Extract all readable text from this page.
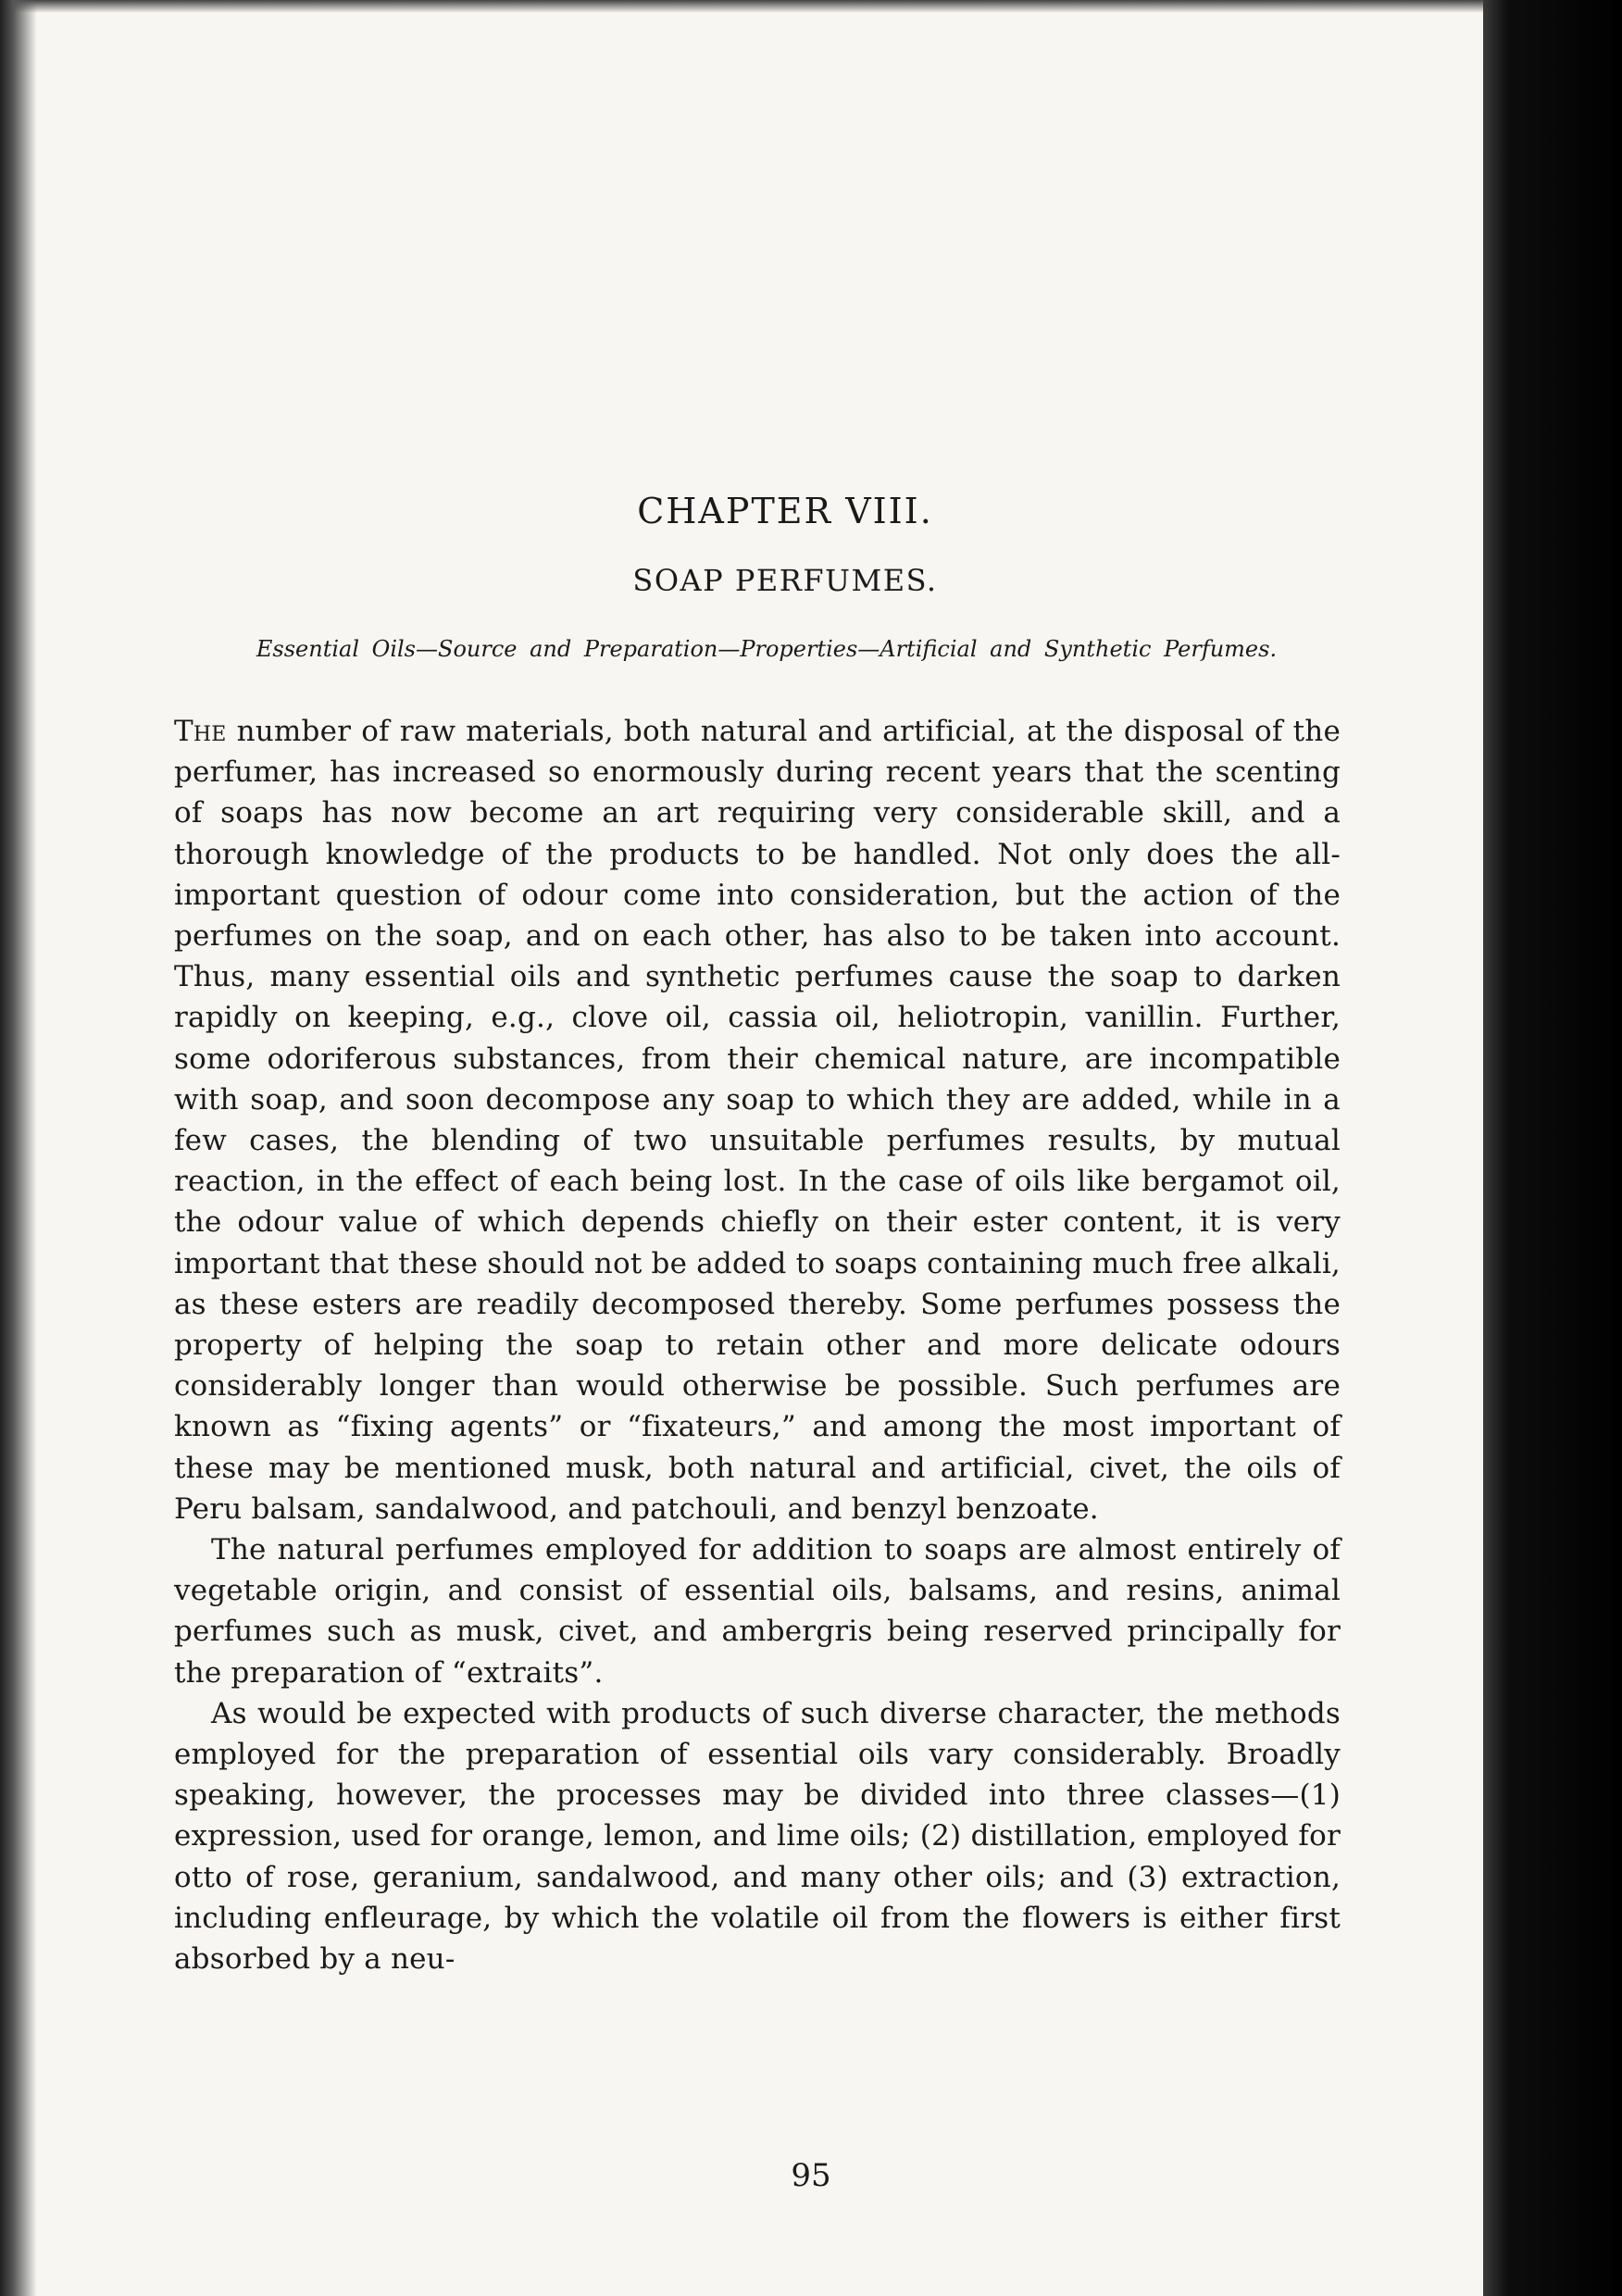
CHAPTER VIII.
SOAP PERFUMES.
Essential Oils—Source and Preparation—Properties—Artificial and Synthetic Perfumes.

The number of raw materials, both natural and artificial, at the disposal of the perfumer, has increased so enormously during recent years that the scenting of soaps has now become an art requiring very considerable skill, and a thorough knowledge of the products to be handled. Not only does the all-important question of odour come into consideration, but the action of the perfumes on the soap, and on each other, has also to be taken into account. Thus, many essential oils and synthetic perfumes cause the soap to darken rapidly on keeping, e.g., clove oil, cassia oil, heliotropin, vanillin. Further, some odoriferous substances, from their chemical nature, are incompatible with soap, and soon decompose any soap to which they are added, while in a few cases, the blending of two unsuitable perfumes results, by mutual reaction, in the effect of each being lost. In the case of oils like bergamot oil, the odour value of which depends chiefly on their ester content, it is very important that these should not be added to soaps containing much free alkali, as these esters are readily decomposed thereby. Some perfumes possess the property of helping the soap to retain other and more delicate odours considerably longer than would otherwise be possible. Such perfumes are known as “fixing agents” or “fixateurs,” and among the most important of these may be mentioned musk, both natural and artificial, civet, the oils of Peru balsam, sandalwood, and patchouli, and benzyl benzoate.

The natural perfumes employed for addition to soaps are almost entirely of vegetable origin, and consist of essential oils, balsams, and resins, animal perfumes such as musk, civet, and ambergris being reserved principally for the preparation of “extraits”.

As would be expected with products of such diverse character, the methods employed for the preparation of essential oils vary considerably. Broadly speaking, however, the processes may be divided into three classes—(1) expression, used for orange, lemon, and lime oils; (2) distillation, employed for otto of rose, geranium, sandalwood, and many other oils; and (3) extraction, including enfleurage, by which the volatile oil from the flowers is either first absorbed by a neu-

95
